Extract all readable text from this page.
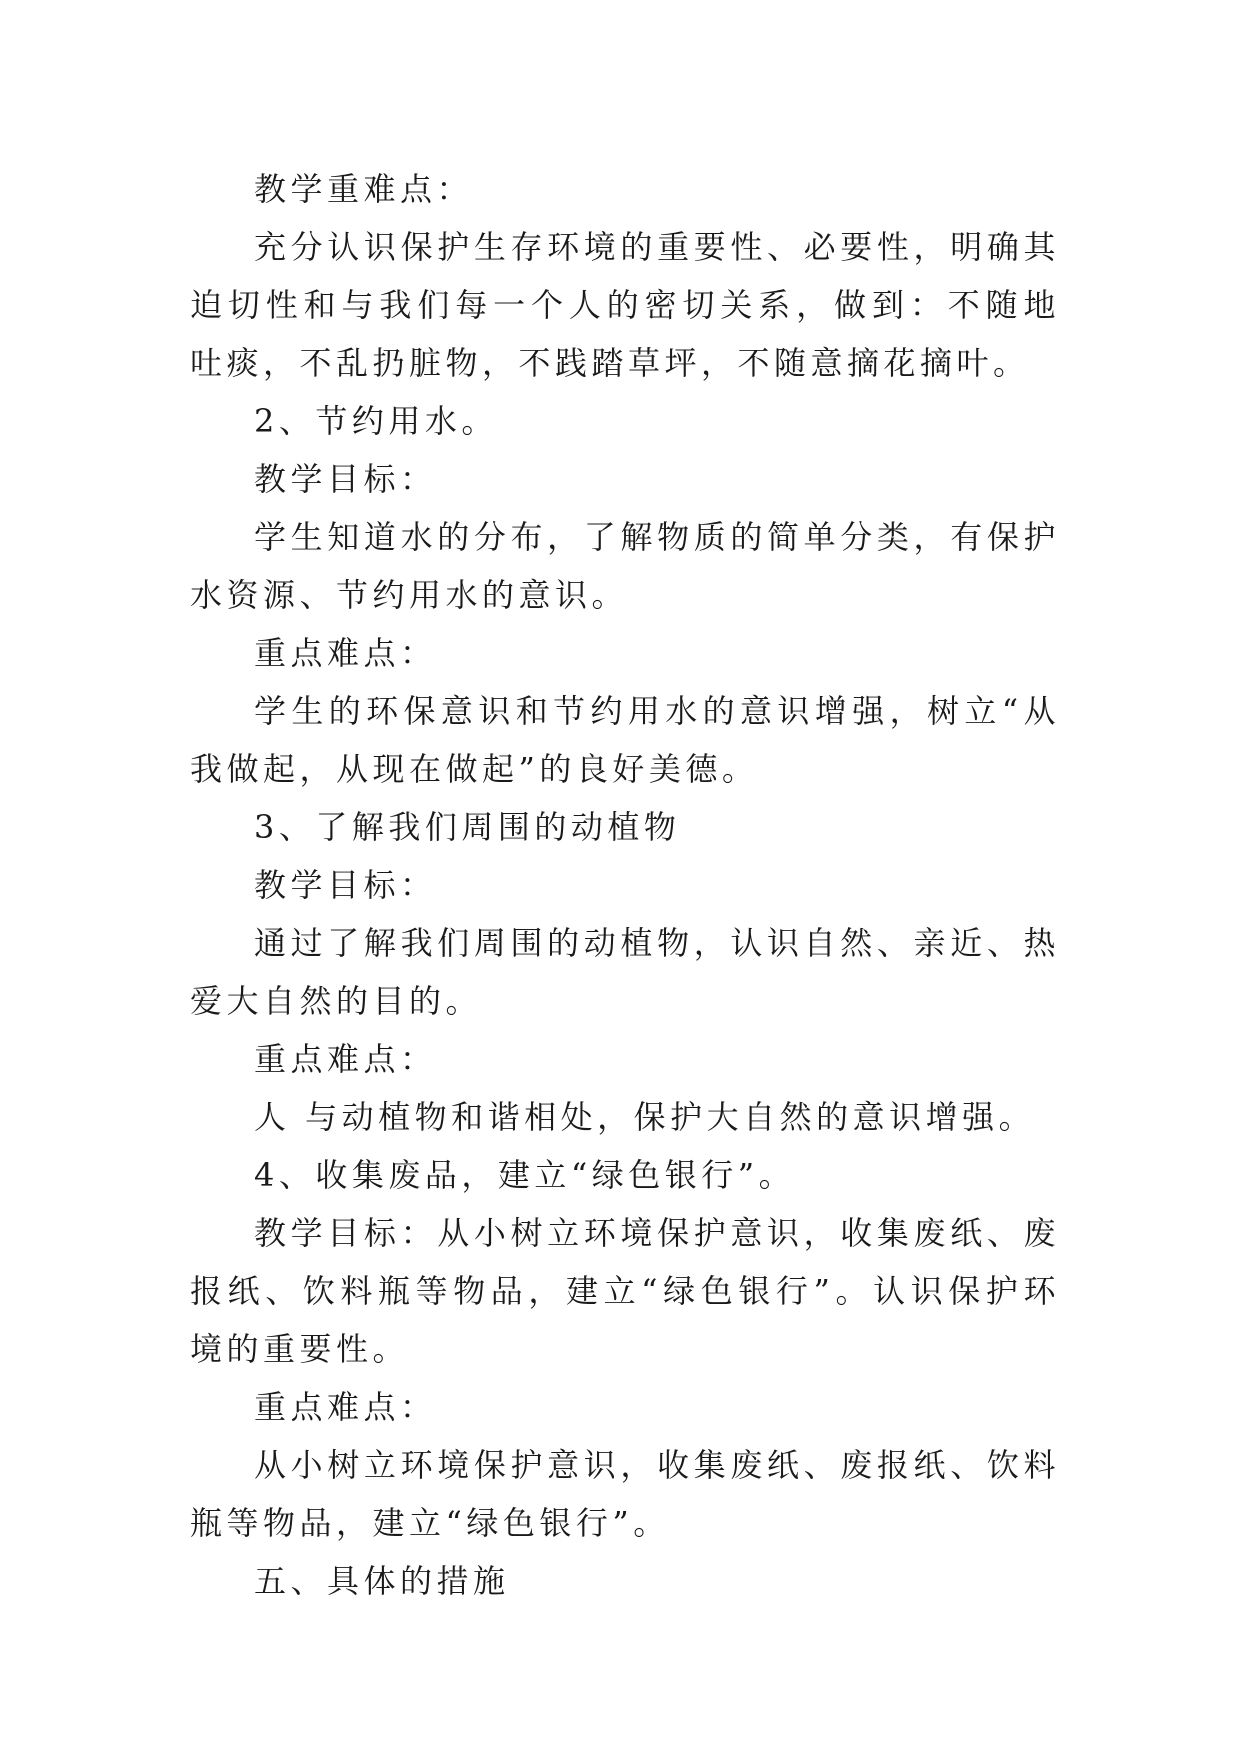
教学重难点：

充分认识保护生存环境的重要性、必要性，明确其迫切性和与我们每一个人的密切关系，做到：不随地吐痰，不乱扔脏物，不践踏草坪，不随意摘花摘叶。

2、节约用水。

教学目标：

学生知道水的分布，了解物质的简单分类，有保护水资源、节约用水的意识。

重点难点：

学生的环保意识和节约用水的意识增强，树立“从我做起，从现在做起”的良好美德。

3、了解我们周围的动植物

教学目标：

通过了解我们周围的动植物，认识自然、亲近、热爱大自然的目的。

重点难点：

人 与动植物和谐相处，保护大自然的意识增强。

4、收集废品，建立“绿色银行”。

教学目标：从小树立环境保护意识，收集废纸、废报纸、饮料瓶等物品，建立“绿色银行”。认识保护环境的重要性。

重点难点：

从小树立环境保护意识，收集废纸、废报纸、饮料瓶等物品，建立“绿色银行”。

五、具体的措施
